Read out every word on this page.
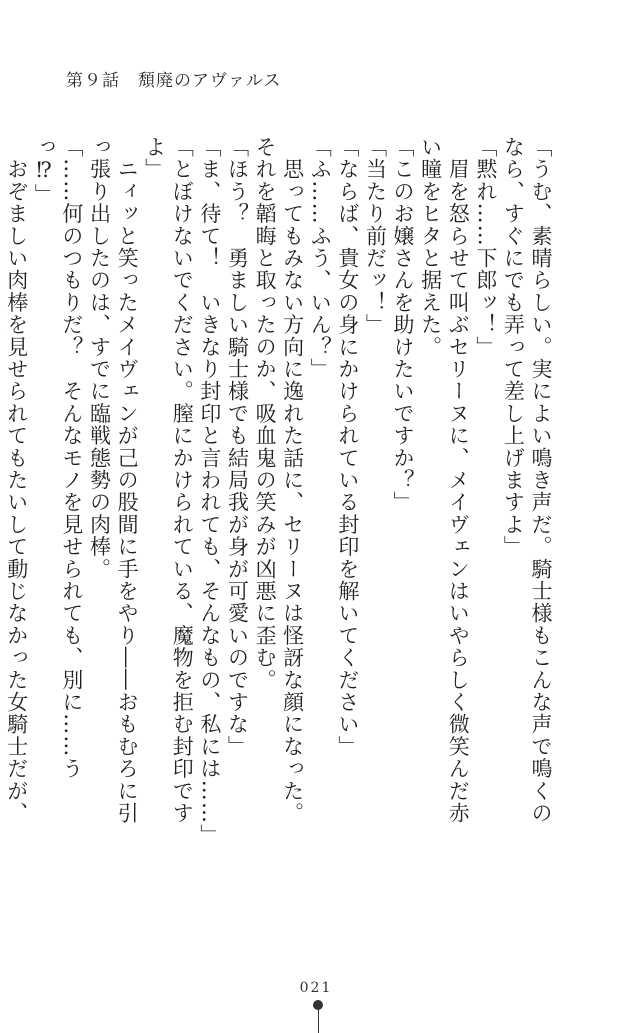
第９話　頽廃のアヴァルス

「うむ、素晴らしい。実によい鳴き声だ。騎士様もこんな声で鳴くのなら、すぐにでも弄って差し上げますよ」

「黙れ……下郎ッ！」

　眉を怒らせて叫ぶセリーヌに、メイヴェンはいやらしく微笑んだ赤い瞳をヒタと据えた。

「このお嬢さんを助けたいですか？」

「当たり前だッ！」

「ならば、貴女の身にかけられている封印を解いてください」

「ふ……ふう、いん？」

　思ってもみない方向に逸れた話に、セリーヌは怪訝な顔になった。それを韜晦と取ったのか、吸血鬼の笑みが凶悪に歪む。

「ほう？　勇ましい騎士様でも結局我が身が可愛いのですな」

「ま、待て！　いきなり封印と言われても、そんなもの、私には……」

「とぼけないでください。膣にかけられている、魔物を拒む封印ですよ」

　ニィッと笑ったメイヴェンが己の股間に手をやり――おもむろに引っ張り出したのは、すでに臨戦態勢の肉棒。

「……何のつもりだ？　そんなモノを見せられても、別に……うっ⁉」

　おぞましい肉棒を見せられてもたいして動じなかった女騎士だが、

021
